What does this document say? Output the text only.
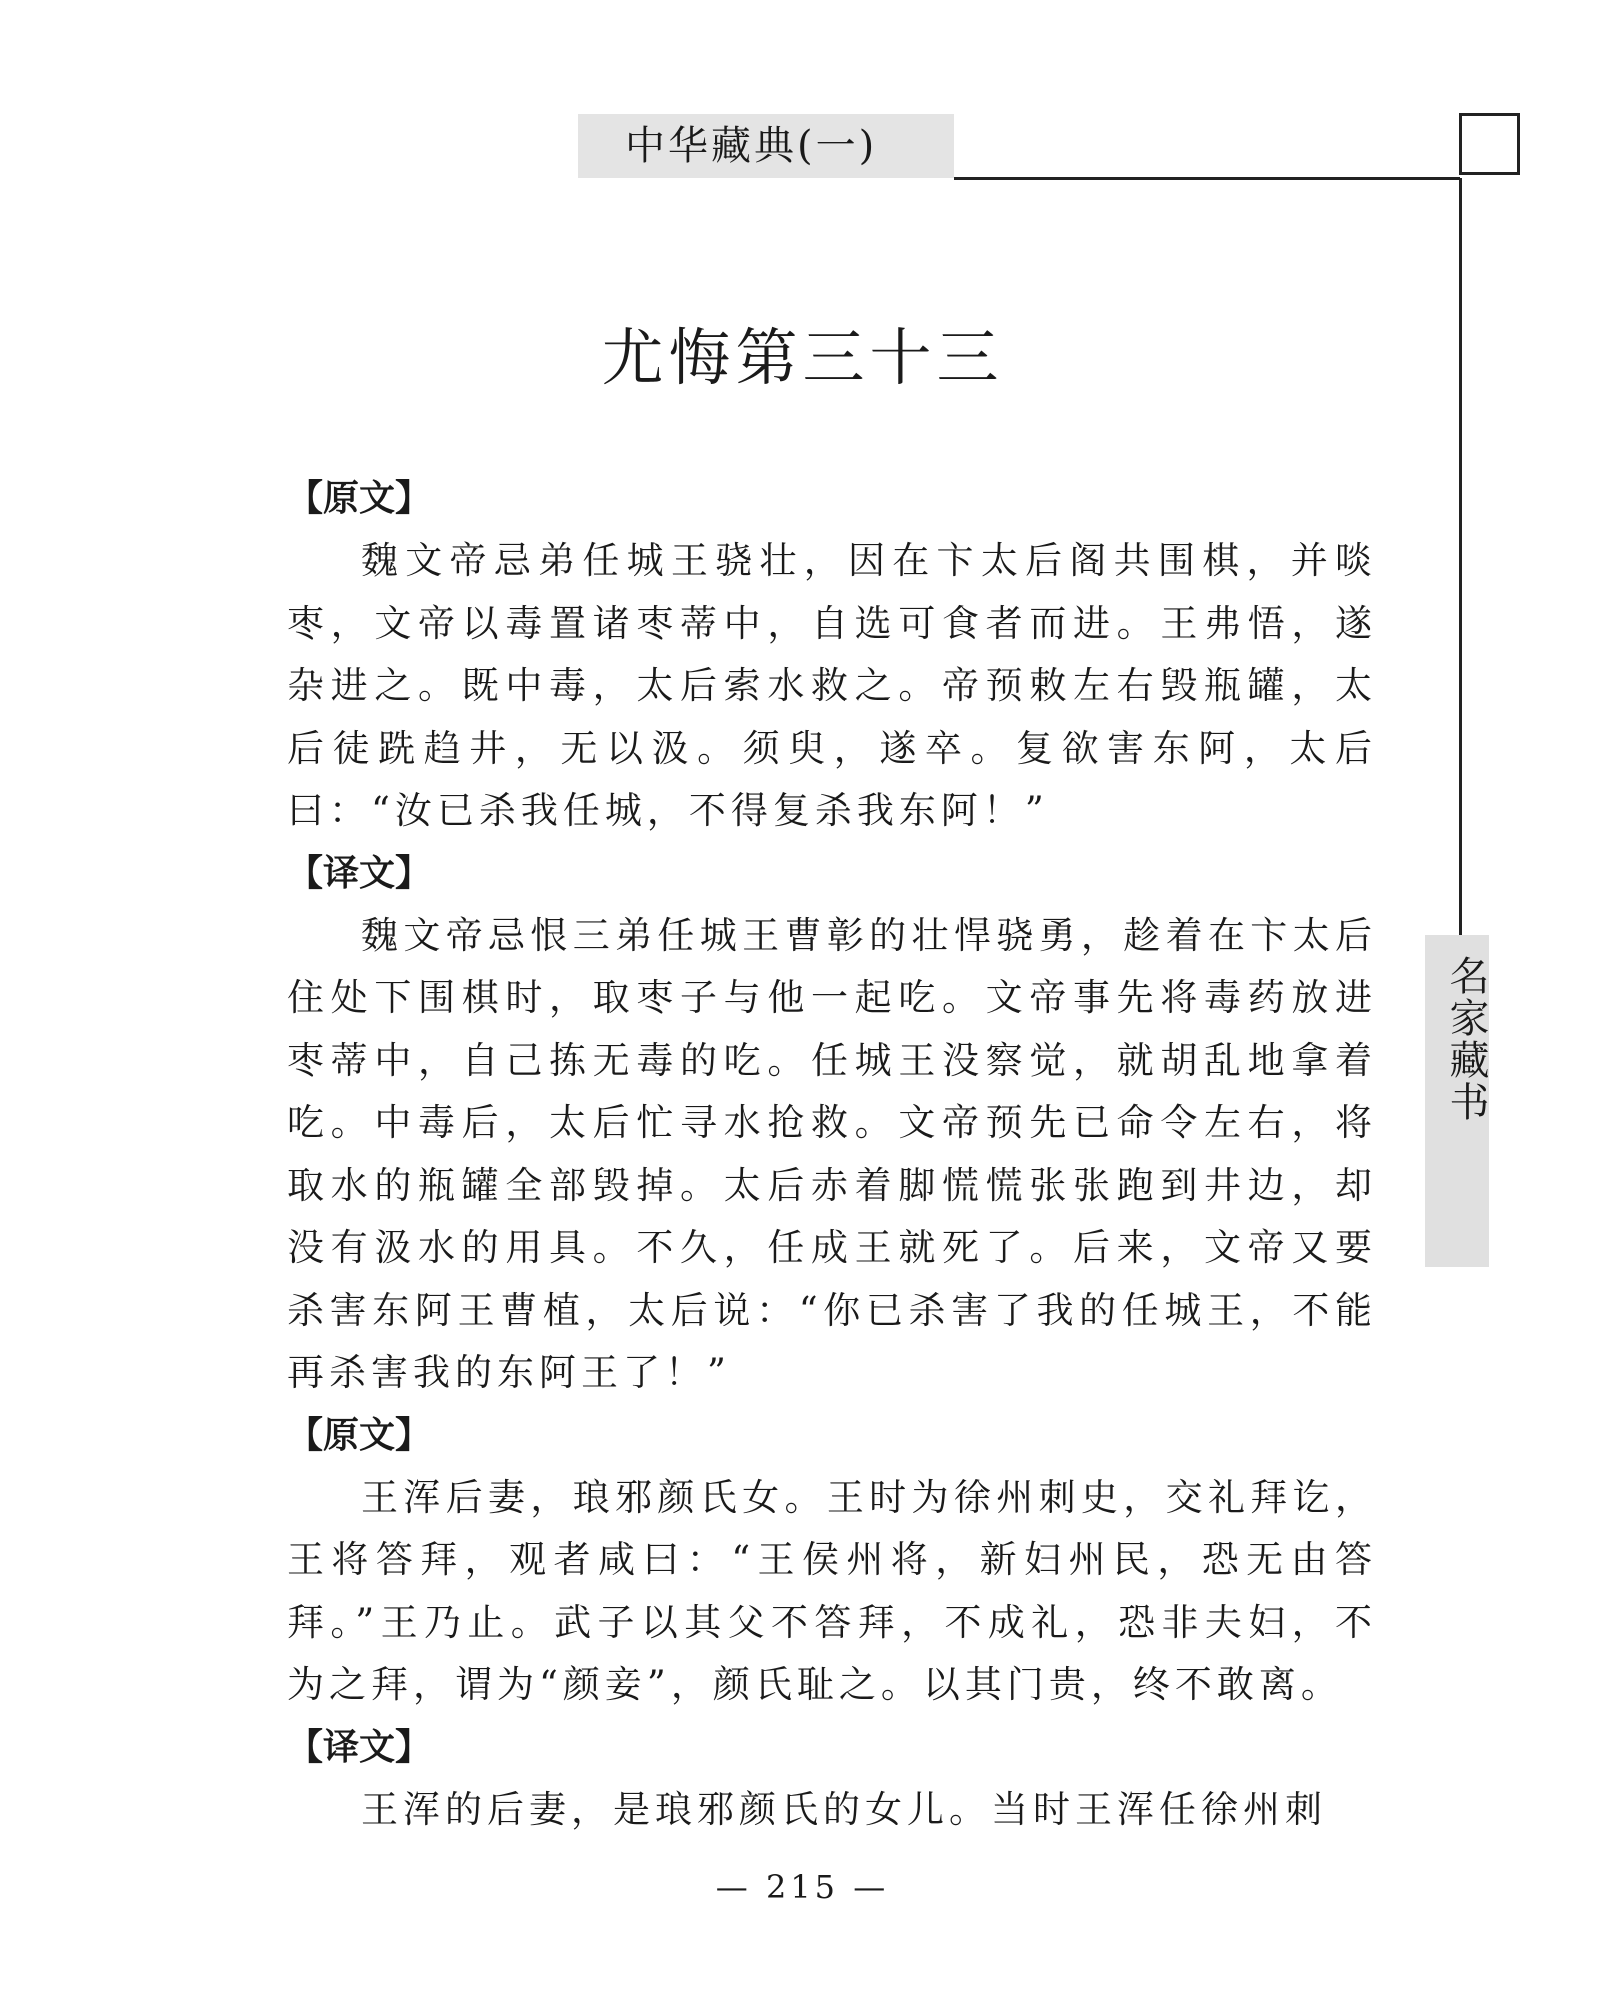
中华藏典(一)
名家藏书
尤悔第三十三
【原文】

魏文帝忌弟任城王骁壮，因在卞太后阁共围棋，并啖枣，文帝以毒置诸枣蒂中，自选可食者而进。王弗悟，遂杂进之。既中毒，太后索水救之。帝预敕左右毁瓶罐，太后徒跣趋井，无以汲。须臾，遂卒。复欲害东阿，太后曰：“汝已杀我任城，不得复杀我东阿！”

【译文】

魏文帝忌恨三弟任城王曹彰的壮悍骁勇，趁着在卞太后住处下围棋时，取枣子与他一起吃。文帝事先将毒药放进枣蒂中，自己拣无毒的吃。任城王没察觉，就胡乱地拿着吃。中毒后，太后忙寻水抢救。文帝预先已命令左右，将取水的瓶罐全部毁掉。太后赤着脚慌慌张张跑到井边，却没有汲水的用具。不久，任成王就死了。后来，文帝又要杀害东阿王曹植，太后说：“你已杀害了我的任城王，不能再杀害我的东阿王了！”

【原文】

王浑后妻，琅邪颜氏女。王时为徐州刺史，交礼拜讫，王将答拜，观者咸曰：“王侯州将，新妇州民，恐无由答拜。”王乃止。武子以其父不答拜，不成礼，恐非夫妇，不为之拜，谓为“颜妾”，颜氏耻之。以其门贵，终不敢离。

【译文】

王浑的后妻，是琅邪颜氏的女儿。当时王浑任徐州刺

— 215 —
